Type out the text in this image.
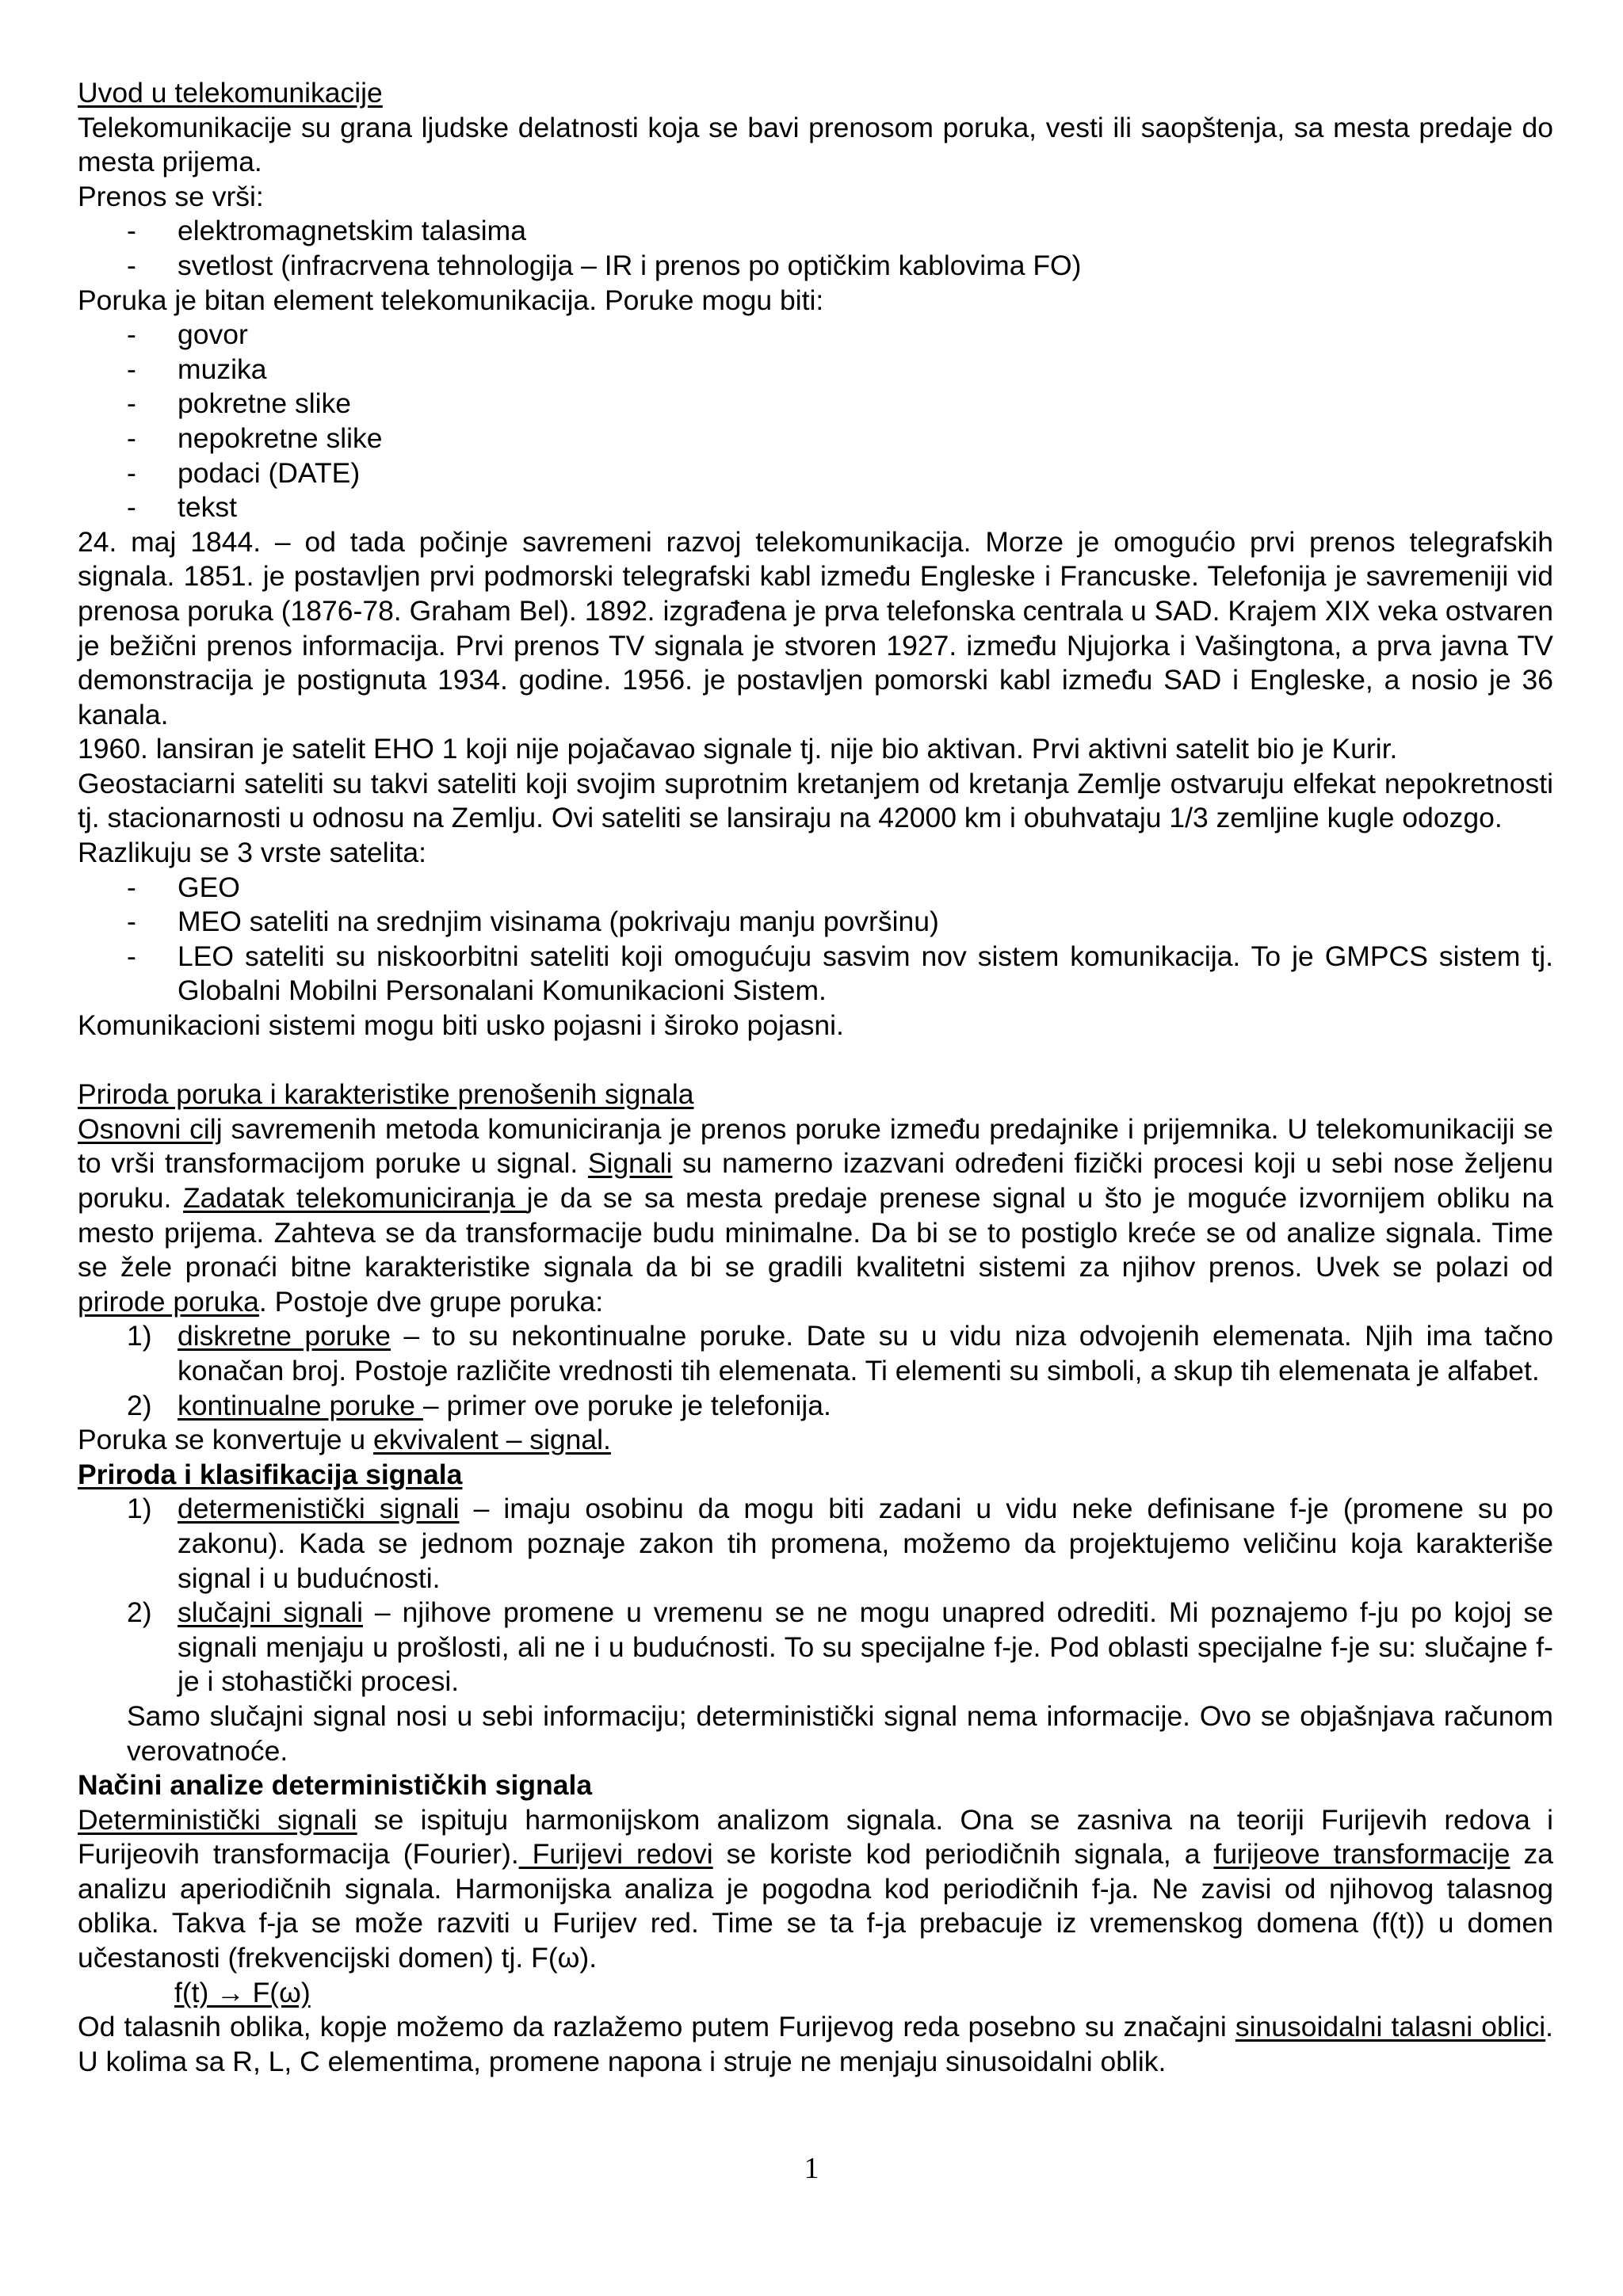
Uvod u telekomunikacije

Telekomunikacije su grana ljudske delatnosti koja se bavi prenosom poruka, vesti ili saopštenja, sa mesta predaje do mesta prijema.

Prenos se vrši:

- elektromagnetskim talasima
- svetlost (infracrvena tehnologija – IR i prenos po optičkim kablovima FO)

Poruka je bitan element telekomunikacija. Poruke mogu biti:

- govor
- muzika
- pokretne slike
- nepokretne slike
- podaci (DATE)
- tekst

24. maj 1844. – od tada počinje savremeni razvoj telekomunikacija. Morze je omogućio prvi prenos telegrafskih signala. 1851. je postavljen prvi podmorski telegrafski kabl između Engleske i Francuske. Telefonija je savremeniji vid prenosa poruka (1876-78. Graham Bel). 1892. izgrađena je prva telefonska centrala u SAD. Krajem XIX veka ostvaren je bežični prenos informacija. Prvi prenos TV signala je stvoren 1927. između Njujorka i Vašingtona, a prva javna TV demonstracija je postignuta 1934. godine. 1956. je postavljen pomorski kabl između SAD i Engleske, a nosio je 36 kanala.

1960. lansiran je satelit EHO 1 koji nije pojačavao signale tj. nije bio aktivan. Prvi aktivni satelit bio je Kurir.

Geostaciarni sateliti su takvi sateliti koji svojim suprotnim kretanjem od kretanja Zemlje ostvaruju elfekat nepokretnosti tj. stacionarnosti u odnosu na Zemlju. Ovi sateliti se lansiraju na 42000 km i obuhvataju 1/3 zemljine kugle odozgo.

Razlikuju se 3 vrste satelita:

- GEO
- MEO sateliti na srednjim visinama (pokrivaju manju površinu)
- LEO sateliti su niskoorbitni sateliti koji omogućuju sasvim nov sistem komunikacija. To je GMPCS sistem tj. Globalni Mobilni Personalani Komunikacioni Sistem.

Komunikacioni sistemi mogu biti usko pojasni i široko pojasni.

Priroda poruka i karakteristike prenošenih signala

Osnovni cilj savremenih metoda komuniciranja je prenos poruke između predajnike i prijemnika. U telekomunikaciji se to vrši transformacijom poruke u signal. Signali su namerno izazvani određeni fizički procesi koji u sebi nose željenu poruku. Zadatak telekomuniciranja je da se sa mesta predaje prenese signal u što je moguće izvornijem obliku na mesto prijema. Zahteva se da transformacije budu minimalne. Da bi se to postiglo kreće se od analize signala. Time se žele pronaći bitne karakteristike signala da bi se gradili kvalitetni sistemi za njihov prenos. Uvek se polazi od prirode poruka. Postoje dve grupe poruka:

1) diskretne poruke – to su nekontinualne poruke. Date su u vidu niza odvojenih elemenata. Njih ima tačno konačan broj. Postoje različite vrednosti tih elemenata. Ti elementi su simboli, a skup tih elemenata je alfabet.
2) kontinualne poruke – primer ove poruke je telefonija.

Poruka se konvertuje u ekvivalent – signal.

Priroda i klasifikacija signala

1) determenistički signali – imaju osobinu da mogu biti zadani u vidu neke definisane f-je (promene su po zakonu). Kada se jednom poznaje zakon tih promena, možemo da projektujemo veličinu koja karakteriše signal i u budućnosti.
2) slučajni signali – njihove promene u vremenu se ne mogu unapred odrediti. Mi poznajemo f-ju po kojoj se signali menjaju u prošlosti, ali ne i u budućnosti. To su specijalne f-je. Pod oblasti specijalne f-je su: slučajne f-je i stohastički procesi.

Samo slučajni signal nosi u sebi informaciju; deterministički signal nema informacije. Ovo se objašnjava računom verovatnoće.

Načini analize determinističkih signala

Deterministički signali se ispituju harmonijskom analizom signala. Ona se zasniva na teoriji Furijevih redova i Furijeovih transformacija (Fourier). Furijevi redovi se koriste kod periodičnih signala, a furijeove transformacije za analizu aperiodičnih signala. Harmonijska analiza je pogodna kod periodičnih f-ja. Ne zavisi od njihovog talasnog oblika. Takva f-ja se može razviti u Furijev red. Time se ta f-ja prebacuje iz vremenskog domena (f(t)) u domen učestanosti (frekvencijski domen) tj. F(ω).

f(t) → F(ω)

Od talasnih oblika, kopje možemo da razlažemo putem Furijevog reda posebno su značajni sinusoidalni talasni oblici. U kolima sa R, L, C elementima, promene napona i struje ne menjaju sinusoidalni oblik.

1
